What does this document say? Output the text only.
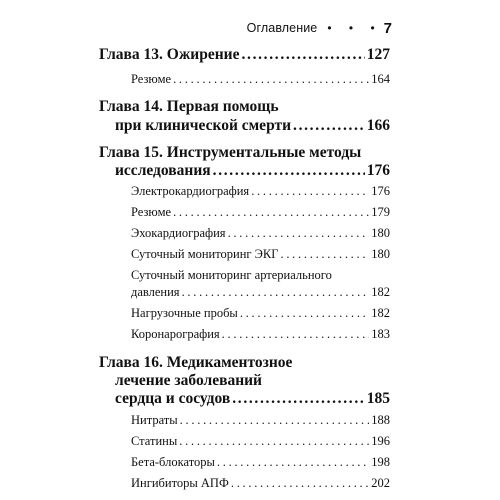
Оглавление • • • 7
Глава 13. Ожирение . . .	127
Резюме . . .	164
Глава 14. Первая помощь
при клинической смерти . . .	166
Глава 15. Инструментальные методы
исследования . . .	176
Электрокардиография . . .	176
Резюме . . .	179
Эхокардиография . . .	180
Суточный мониторинг ЭКГ . . .	180
Суточный мониторинг артериального
давления . . .	182
Нагрузочные пробы . . .	182
Коронарография . . .	183
Глава 16. Медикаментозное
лечение заболеваний
сердца и сосудов . . .	185
Нитраты . . .	188
Статины . . .	196
Бета-блокаторы . . .	198
Ингибиторы АПФ . . .	202
